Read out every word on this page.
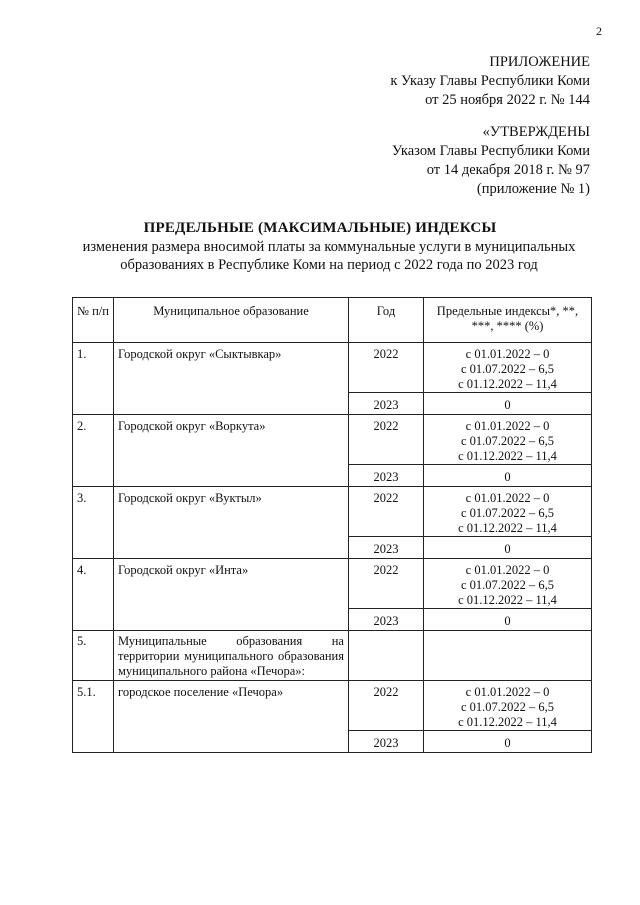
2
ПРИЛОЖЕНИЕ
к Указу Главы Республики Коми
от 25 ноября 2022 г. № 144
«УТВЕРЖДЕНЫ
Указом Главы Республики Коми
от 14 декабря 2018 г. № 97
(приложение № 1)
ПРЕДЕЛЬНЫЕ (МАКСИМАЛЬНЫЕ) ИНДЕКСЫ
изменения размера вносимой платы за коммунальные услуги в муниципальных
образованиях в Республике Коми на период с 2022 года по 2023 год
№ п/п	Муниципальное образование	Год	Предельные индексы*, **, ***, **** (%)
1.	Городской округ «Сыктывкар»	2022	с 01.01.2022 – 0
с 01.07.2022 – 6,5
с 01.12.2022 – 11,4

		2023	0
2.	Городской округ «Воркута»	2022	с 01.01.2022 – 0
с 01.07.2022 – 6,5
с 01.12.2022 – 11,4

		2023	0
3.	Городской округ «Вуктыл»	2022	с 01.01.2022 – 0
с 01.07.2022 – 6,5
с 01.12.2022 – 11,4

		2023	0
4.	Городской округ «Инта»	2022	с 01.01.2022 – 0
с 01.07.2022 – 6,5
с 01.12.2022 – 11,4

		2023	0
5.	Муниципальные образования на территории муниципального образования муниципального района «Печора»:		
5.1.	городское поселение «Печора»	2022	с 01.01.2022 – 0
с 01.07.2022 – 6,5
с 01.12.2022 – 11,4

		2023	0
